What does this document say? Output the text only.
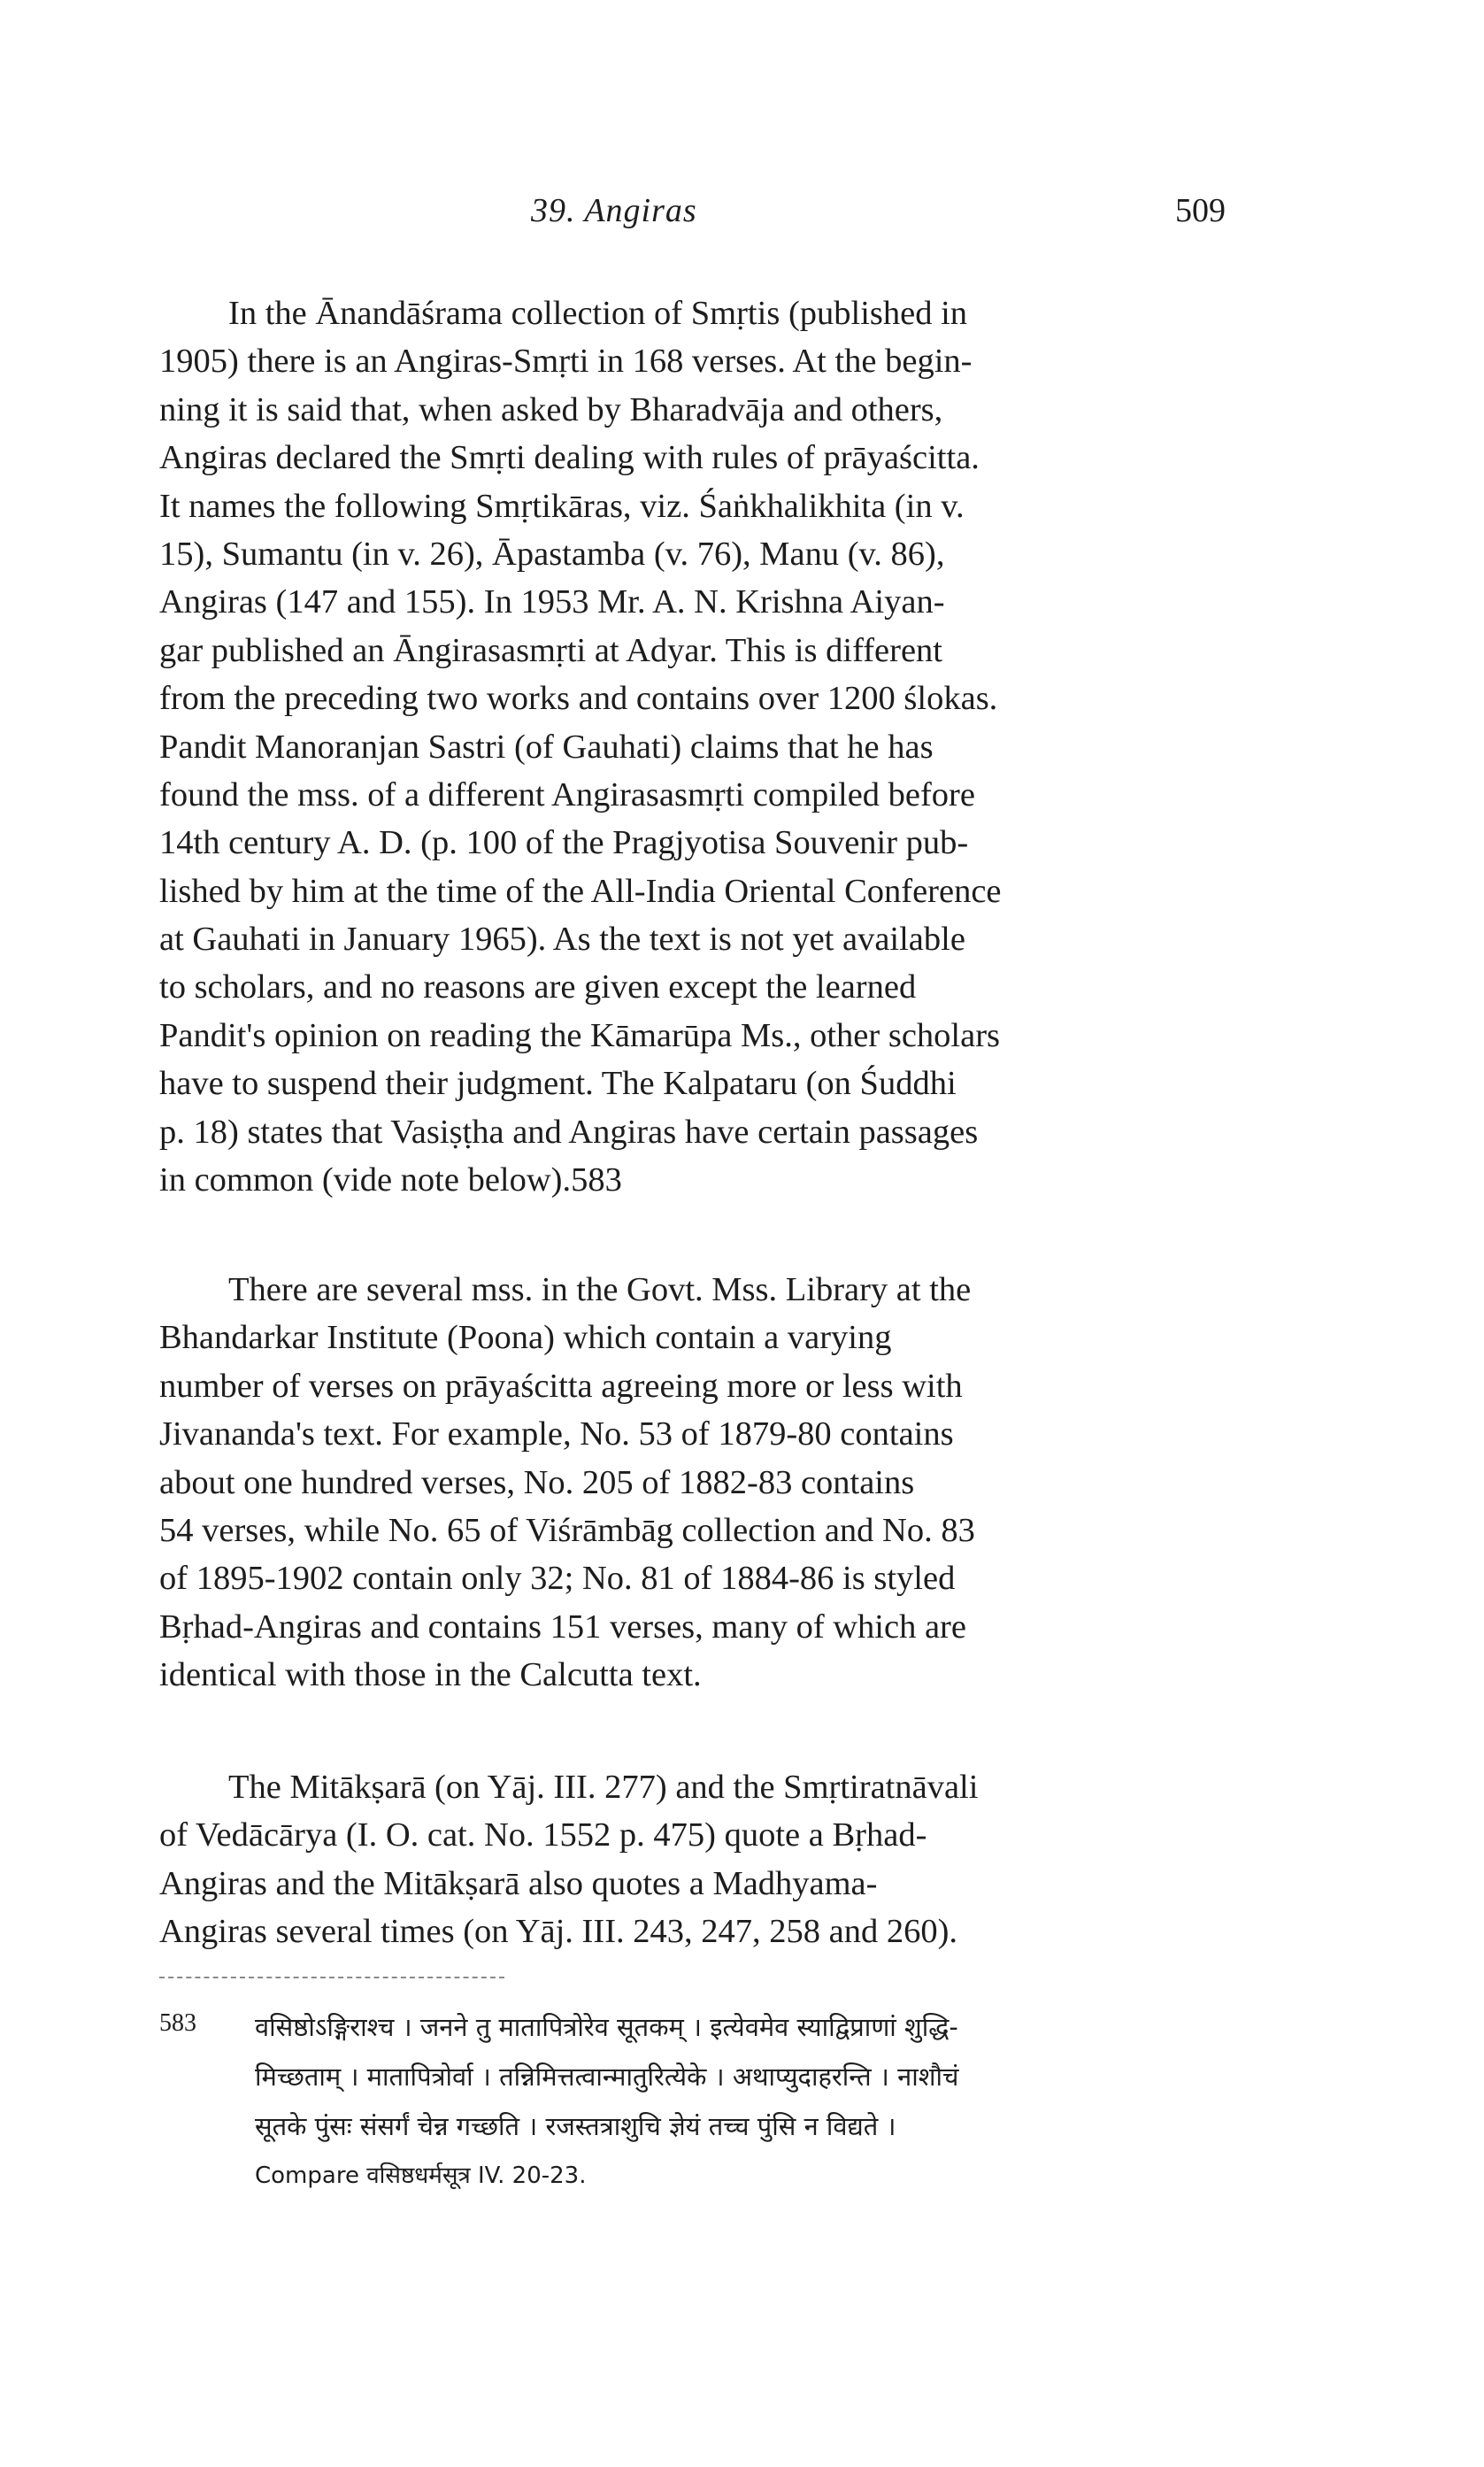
39. Angiras	509
In the Ānandāśrama collection of Smṛtis (published in
1905) there is an Angiras-Smṛti in 168 verses. At the begin-
ning it is said that, when asked by Bharadvāja and others,
Angiras declared the Smṛti dealing with rules of prāyaścitta.
It names the following Smṛtikāras, viz. Śaṅkhalikhita (in v.
15), Sumantu (in v. 26), Āpastamba (v. 76), Manu (v. 86),
Angiras (147 and 155). In 1953 Mr. A. N. Krishna Aiyan-
gar published an Āngirasasmṛti at Adyar. This is different
from the preceding two works and contains over 1200 ślokas.
Pandit Manoranjan Sastri (of Gauhati) claims that he has
found the mss. of a different Angirasasmṛti compiled before
14th century A. D. (p. 100 of the Pragjyotisa Souvenir pub-
lished by him at the time of the All-India Oriental Conference
at Gauhati in January 1965). As the text is not yet available
to scholars, and no reasons are given except the learned
Pandit's opinion on reading the Kāmarūpa Ms., other scholars
have to suspend their judgment. The Kalpataru (on Śuddhi
p. 18) states that Vasiṣṭha and Angiras have certain passages
in common (vide note below).583
There are several mss. in the Govt. Mss. Library at the
Bhandarkar Institute (Poona) which contain a varying
number of verses on prāyaścitta agreeing more or less with
Jivananda's text. For example, No. 53 of 1879-80 contains
about one hundred verses, No. 205 of 1882-83 contains
54 verses, while No. 65 of Viśrāmbāg collection and No. 83
of 1895-1902 contain only 32; No. 81 of 1884-86 is styled
Bṛhad-Angiras and contains 151 verses, many of which are
identical with those in the Calcutta text.
The Mitākṣarā (on Yāj. III. 277) and the Smṛtiratnāvali
of Vedācārya (I. O. cat. No. 1552 p. 475) quote a Bṛhad-
Angiras and the Mitākṣarā also quotes a Madhyama-
Angiras several times (on Yāj. III. 243, 247, 258 and 260).
583 वसिष्ठोऽङ्गिराश्च । जनने तु मातापित्रोरेव सूतकम् । इत्येवमेव स्याद्विप्राणां शुद्धि-
मिच्छताम् । मातापित्रोर्वा । तन्निमित्तत्वान्मातुरित्येके । अथाप्युदाहरन्ति । नाशौचं
सूतके पुंसः संसर्गं चेन्न गच्छति । रजस्तत्राशुचि ज्ञेयं तच्च पुंसि न विद्यते ।
Compare वसिष्ठधर्मसूत्र IV. 20-23.
